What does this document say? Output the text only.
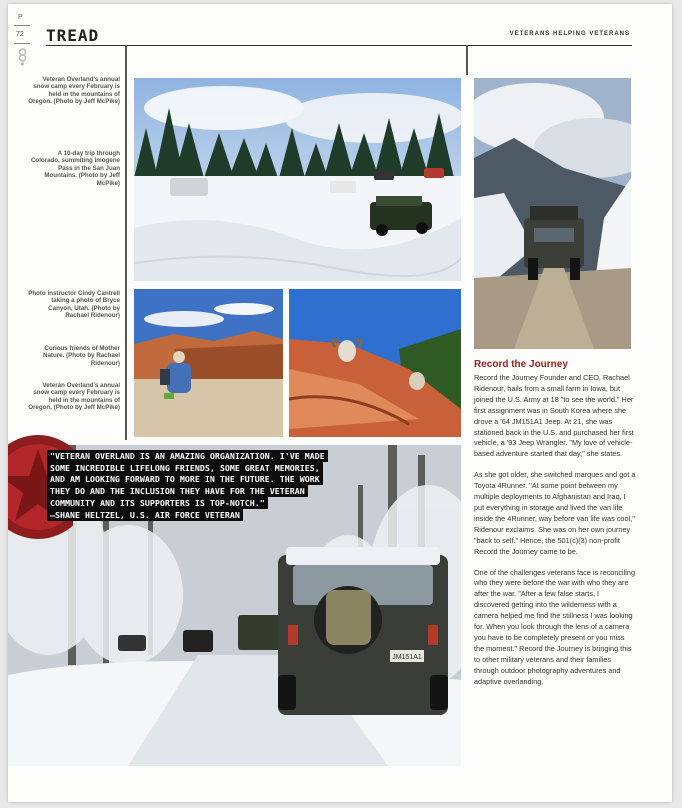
P
72 TREAD	VETERANS HELPING VETERANS
Veteran Overland's annual snow camp every February is held in the mountains of Oregon. (Photo by Jeff McPike)
A 10-day trip through Colorado, summiting Imogene Pass in the San Juan Mountains. (Photo by Jeff McPike)
Photo instructor Cindy Cantrell taking a photo of Bryce Canyon, Utah. (Photo by Rachael Ridenour)
Curious friends of Mother Nature. (Photo by Rachael Ridenour)
Veteran Overland's annual snow camp every February is held in the mountains of Oregon. (Photo by Jeff McPike)
JM151A1
"VETERAN OVERLAND IS AN AMAZING ORGANIZATION. I'VE MADE
SOME INCREDIBLE LIFELONG FRIENDS, SOME GREAT MEMORIES,
AND AM LOOKING FORWARD TO MORE IN THE FUTURE. THE WORK
THEY DO AND THE INCLUSION THEY HAVE FOR THE VETERAN
COMMUNITY AND ITS SUPPORTERS IS TOP-NOTCH."
—SHANE HELTZEL, U.S. AIR FORCE VETERAN
Record the Journey

Record the Journey Founder and CEO, Rachael Ridenour, hails from a small farm in Iowa, but joined the U.S. Army at 18 "to see the world." Her first assignment was in South Korea where she drove a '64 JM151A1 Jeep. At 21, she was stationed back in the U.S. and purchased her first vehicle, a '93 Jeep Wrangler. "My love of vehicle-based adventure started that day," she states.

As she got older, she switched marques and got a Toyota 4Runner. "At some point between my multiple deployments to Afghanistan and Iraq, I put everything in storage and lived the van life inside the 4Runner, way before van life was cool," Ridenour exclaims. She was on her own journey "back to self." Hence, the 501(c)(3) non-profit Record the Journey came to be.

One of the challenges veterans face is reconciling who they were before the war with who they are after the war. "After a few false starts, I discovered getting into the wilderness with a camera helped me find the stillness I was looking for. When you look through the lens of a camera you have to be completely present or you miss the moment." Record the Journey is bringing this to other military veterans and their families through outdoor photography adventures and adaptive overlanding.
